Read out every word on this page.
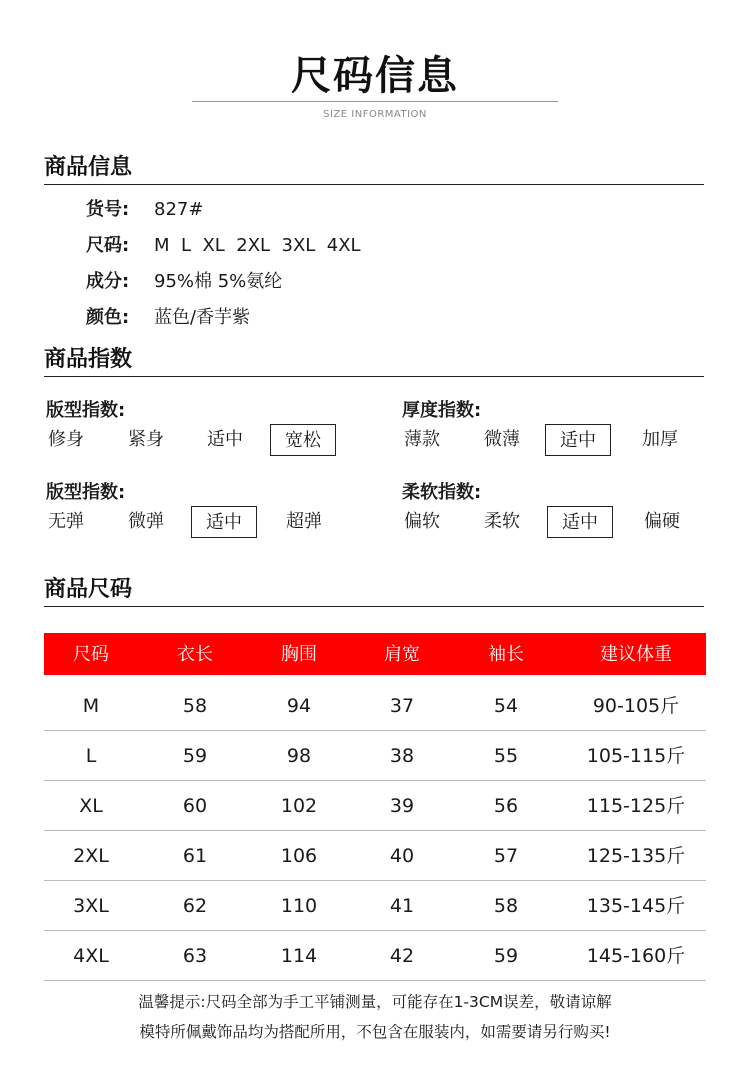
尺码信息
SIZE INFORMATION
商品信息
货号: 827#
尺码: M  L  XL  2XL  3XL  4XL
成分: 95%棉 5%氨纶
颜色: 蓝色/香芋紫
商品指数
版型指数:
修身	紧身	适中	宽松
厚度指数:
薄款	微薄	适中	加厚
版型指数:
无弹	微弹	适中	超弹
柔软指数:
偏软	柔软	适中	偏硬
商品尺码
尺码	衣长	胸围	肩宽	袖长	建议体重
M	58	94	37	54	90-105斤
L	59	98	38	55	105-115斤
XL	60	102	39	56	115-125斤
2XL	61	106	40	57	125-135斤
3XL	62	110	41	58	135-145斤
4XL	63	114	42	59	145-160斤
温馨提示:尺码全部为手工平铺测量，可能存在1-3CM误差，敬请谅解
模特所佩戴饰品均为搭配所用，不包含在服装内，如需要请另行购买!
